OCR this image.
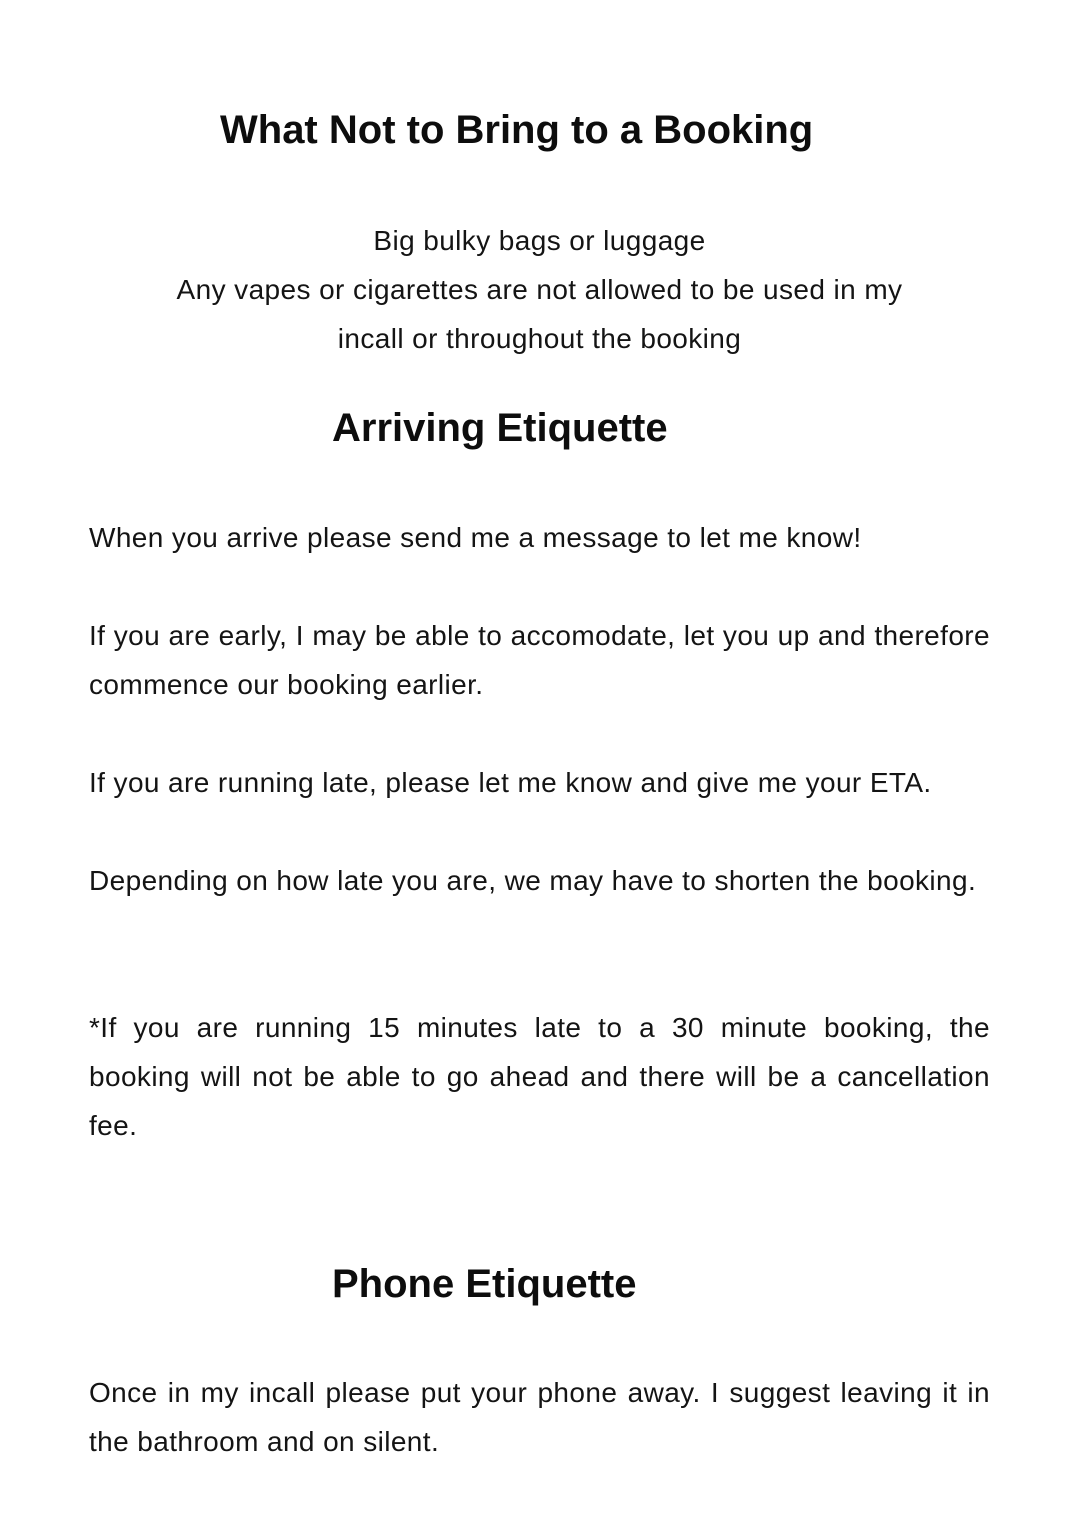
What Not to Bring to a Booking
Big bulky bags or luggage
Any vapes or cigarettes are not allowed to be used in my
incall or throughout the booking
Arriving Etiquette

When you arrive please send me a message to let me know!

If you are early, I may be able to accomodate, let you up and therefore commence our booking earlier.

If you are running late, please let me know and give me your ETA.

Depending on how late you are, we may have to shorten the booking.

*If you are running 15 minutes late to a 30 minute booking, the booking will not be able to go ahead and there will be a cancellation fee.

Phone Etiquette

Once in my incall please put your phone away. I suggest leaving it in the bathroom and on silent.
